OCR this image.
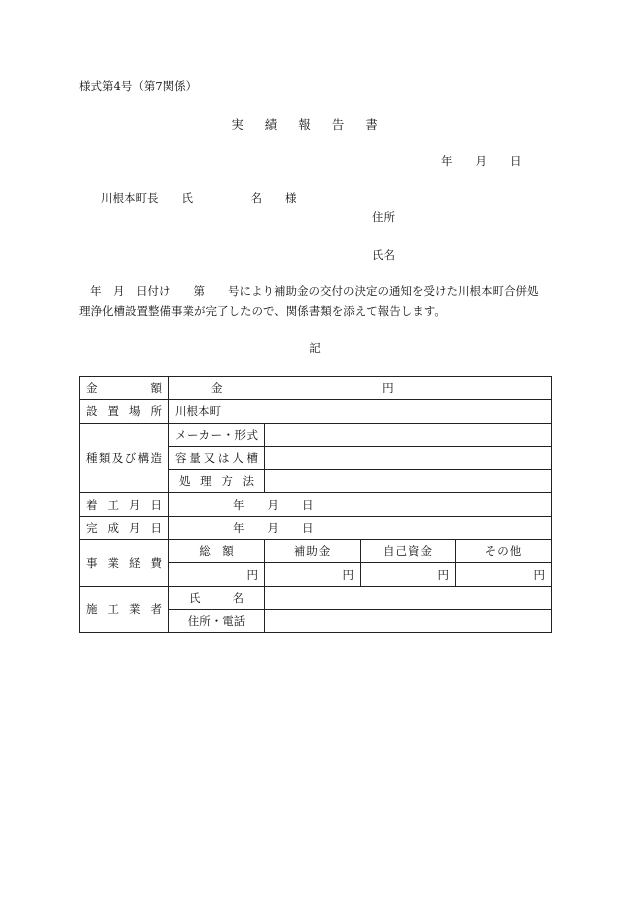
様式第4号（第7関係）
実績報告書
年　　月　　日
川根本町長　　氏　　　　　名　　様
住所
氏名
年　月　日付け　　第　　号により補助金の交付の決定の通知を受けた川根本町合併処
理浄化槽設置整備事業が完了したので、関係書類を添えて報告します。
記
金額	金 円			

設置場所	川根本町			

種類及び構造	メーカー・形式			

	容量又は人槽			

	処理方法			

着工月日	年　　月　　日			

完成月日	年　　月　　日			

事業経費	総　額	補助金	自己資金	その他
	円	円	円	円

施工業者	氏名			

	住所・電話			
